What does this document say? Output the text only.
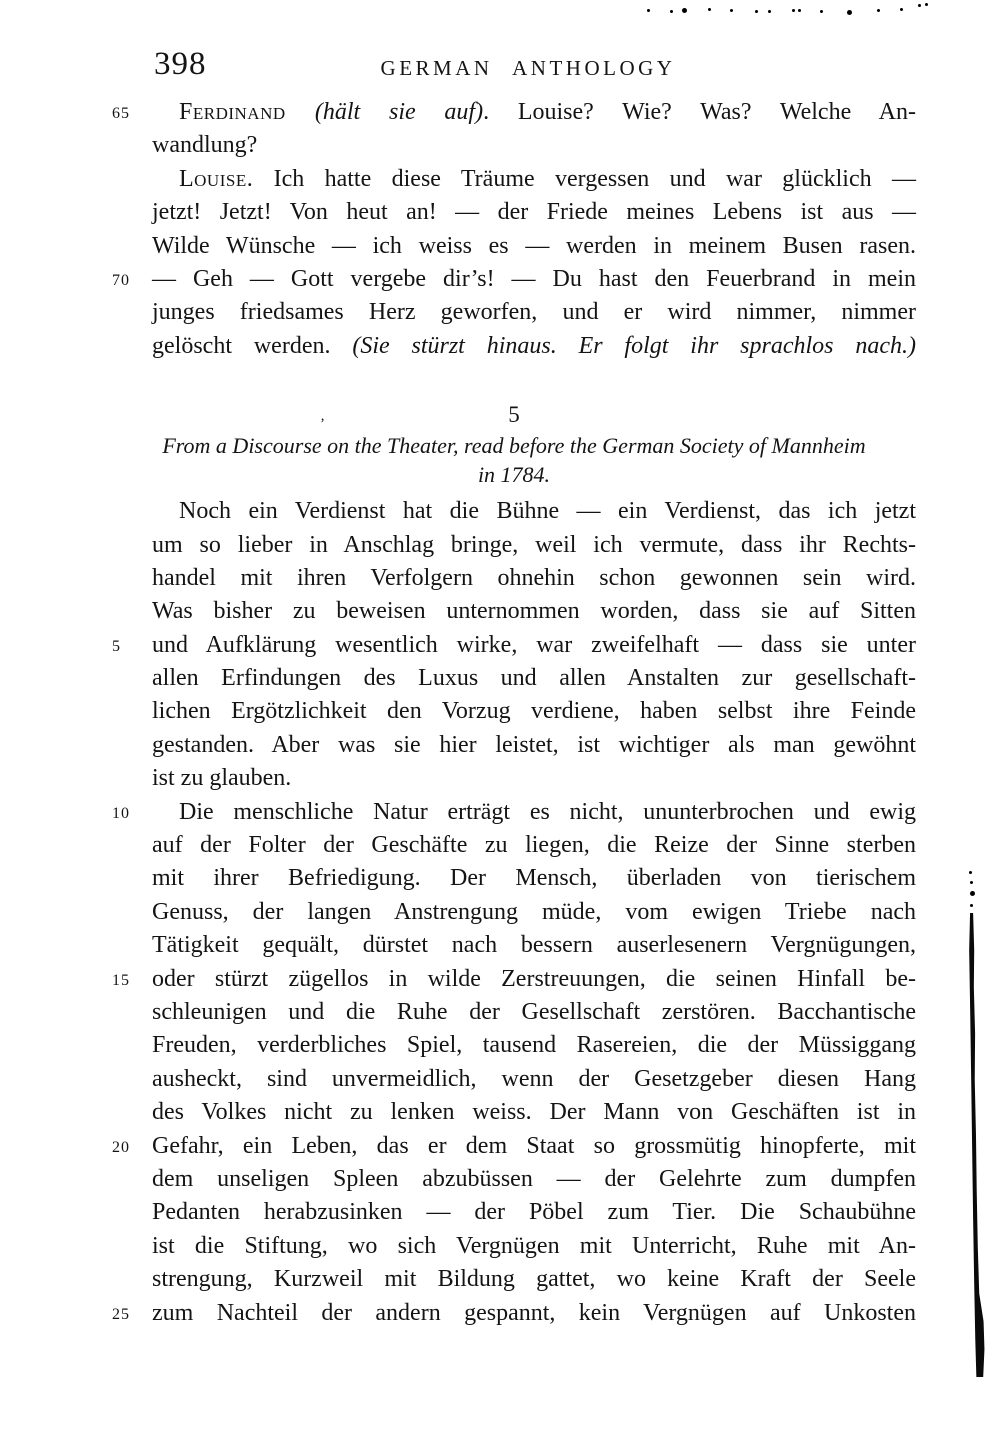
398	GERMAN ANTHOLOGY
65	Ferdinand (hält sie auf). Louise? Wie? Was? Welche An-
wandlung?
Louise. Ich hatte diese Träume vergessen und war glücklich —
jetzt! Jetzt! Von heut an! — der Friede meines Lebens ist aus —
Wilde Wünsche — ich weiss es — werden in meinem Busen rasen.
70 — Geh — Gott vergebe dir’s! — Du hast den Feuerbrand in mein
junges friedsames Herz geworfen, und er wird nimmer, nimmer
gelöscht werden. (Sie stürzt hinaus. Er folgt ihr sprachlos nach.)
’	5
From a Discourse on the Theater, read before the German Society of Mannheim
in 1784.
Noch ein Verdienst hat die Bühne — ein Verdienst, das ich jetzt
um so lieber in Anschlag bringe, weil ich vermute, dass ihr Rechts-
handel mit ihren Verfolgern ohnehin schon gewonnen sein wird.
Was bisher zu beweisen unternommen worden, dass sie auf Sitten
5	und Aufklärung wesentlich wirke, war zweifelhaft — dass sie unter
allen Erfindungen des Luxus und allen Anstalten zur gesellschaft-
lichen Ergötzlichkeit den Vorzug verdiene, haben selbst ihre Feinde
gestanden. Aber was sie hier leistet, ist wichtiger als man gewöhnt
ist zu glauben.
10	Die menschliche Natur erträgt es nicht, ununterbrochen und ewig
auf der Folter der Geschäfte zu liegen, die Reize der Sinne sterben
mit ihrer Befriedigung. Der Mensch, überladen von tierischem
Genuss, der langen Anstrengung müde, vom ewigen Triebe nach
Tätigkeit gequält, dürstet nach bessern auserlesenern Vergnügungen,
15 oder stürzt zügellos in wilde Zerstreuungen, die seinen Hinfall be-
schleunigen und die Ruhe der Gesellschaft zerstören. Bacchantische
Freuden, verderbliches Spiel, tausend Rasereien, die der Müssiggang
ausheckt, sind unvermeidlich, wenn der Gesetzgeber diesen Hang
des Volkes nicht zu lenken weiss. Der Mann von Geschäften ist in
20 Gefahr, ein Leben, das er dem Staat so grossmütig hinopferte, mit
dem unseligen Spleen abzubüssen — der Gelehrte zum dumpfen
Pedanten herabzusinken — der Pöbel zum Tier. Die Schaubühne
ist die Stiftung, wo sich Vergnügen mit Unterricht, Ruhe mit An-
strengung, Kurzweil mit Bildung gattet, wo keine Kraft der Seele
25 zum Nachteil der andern gespannt, kein Vergnügen auf Unkosten
